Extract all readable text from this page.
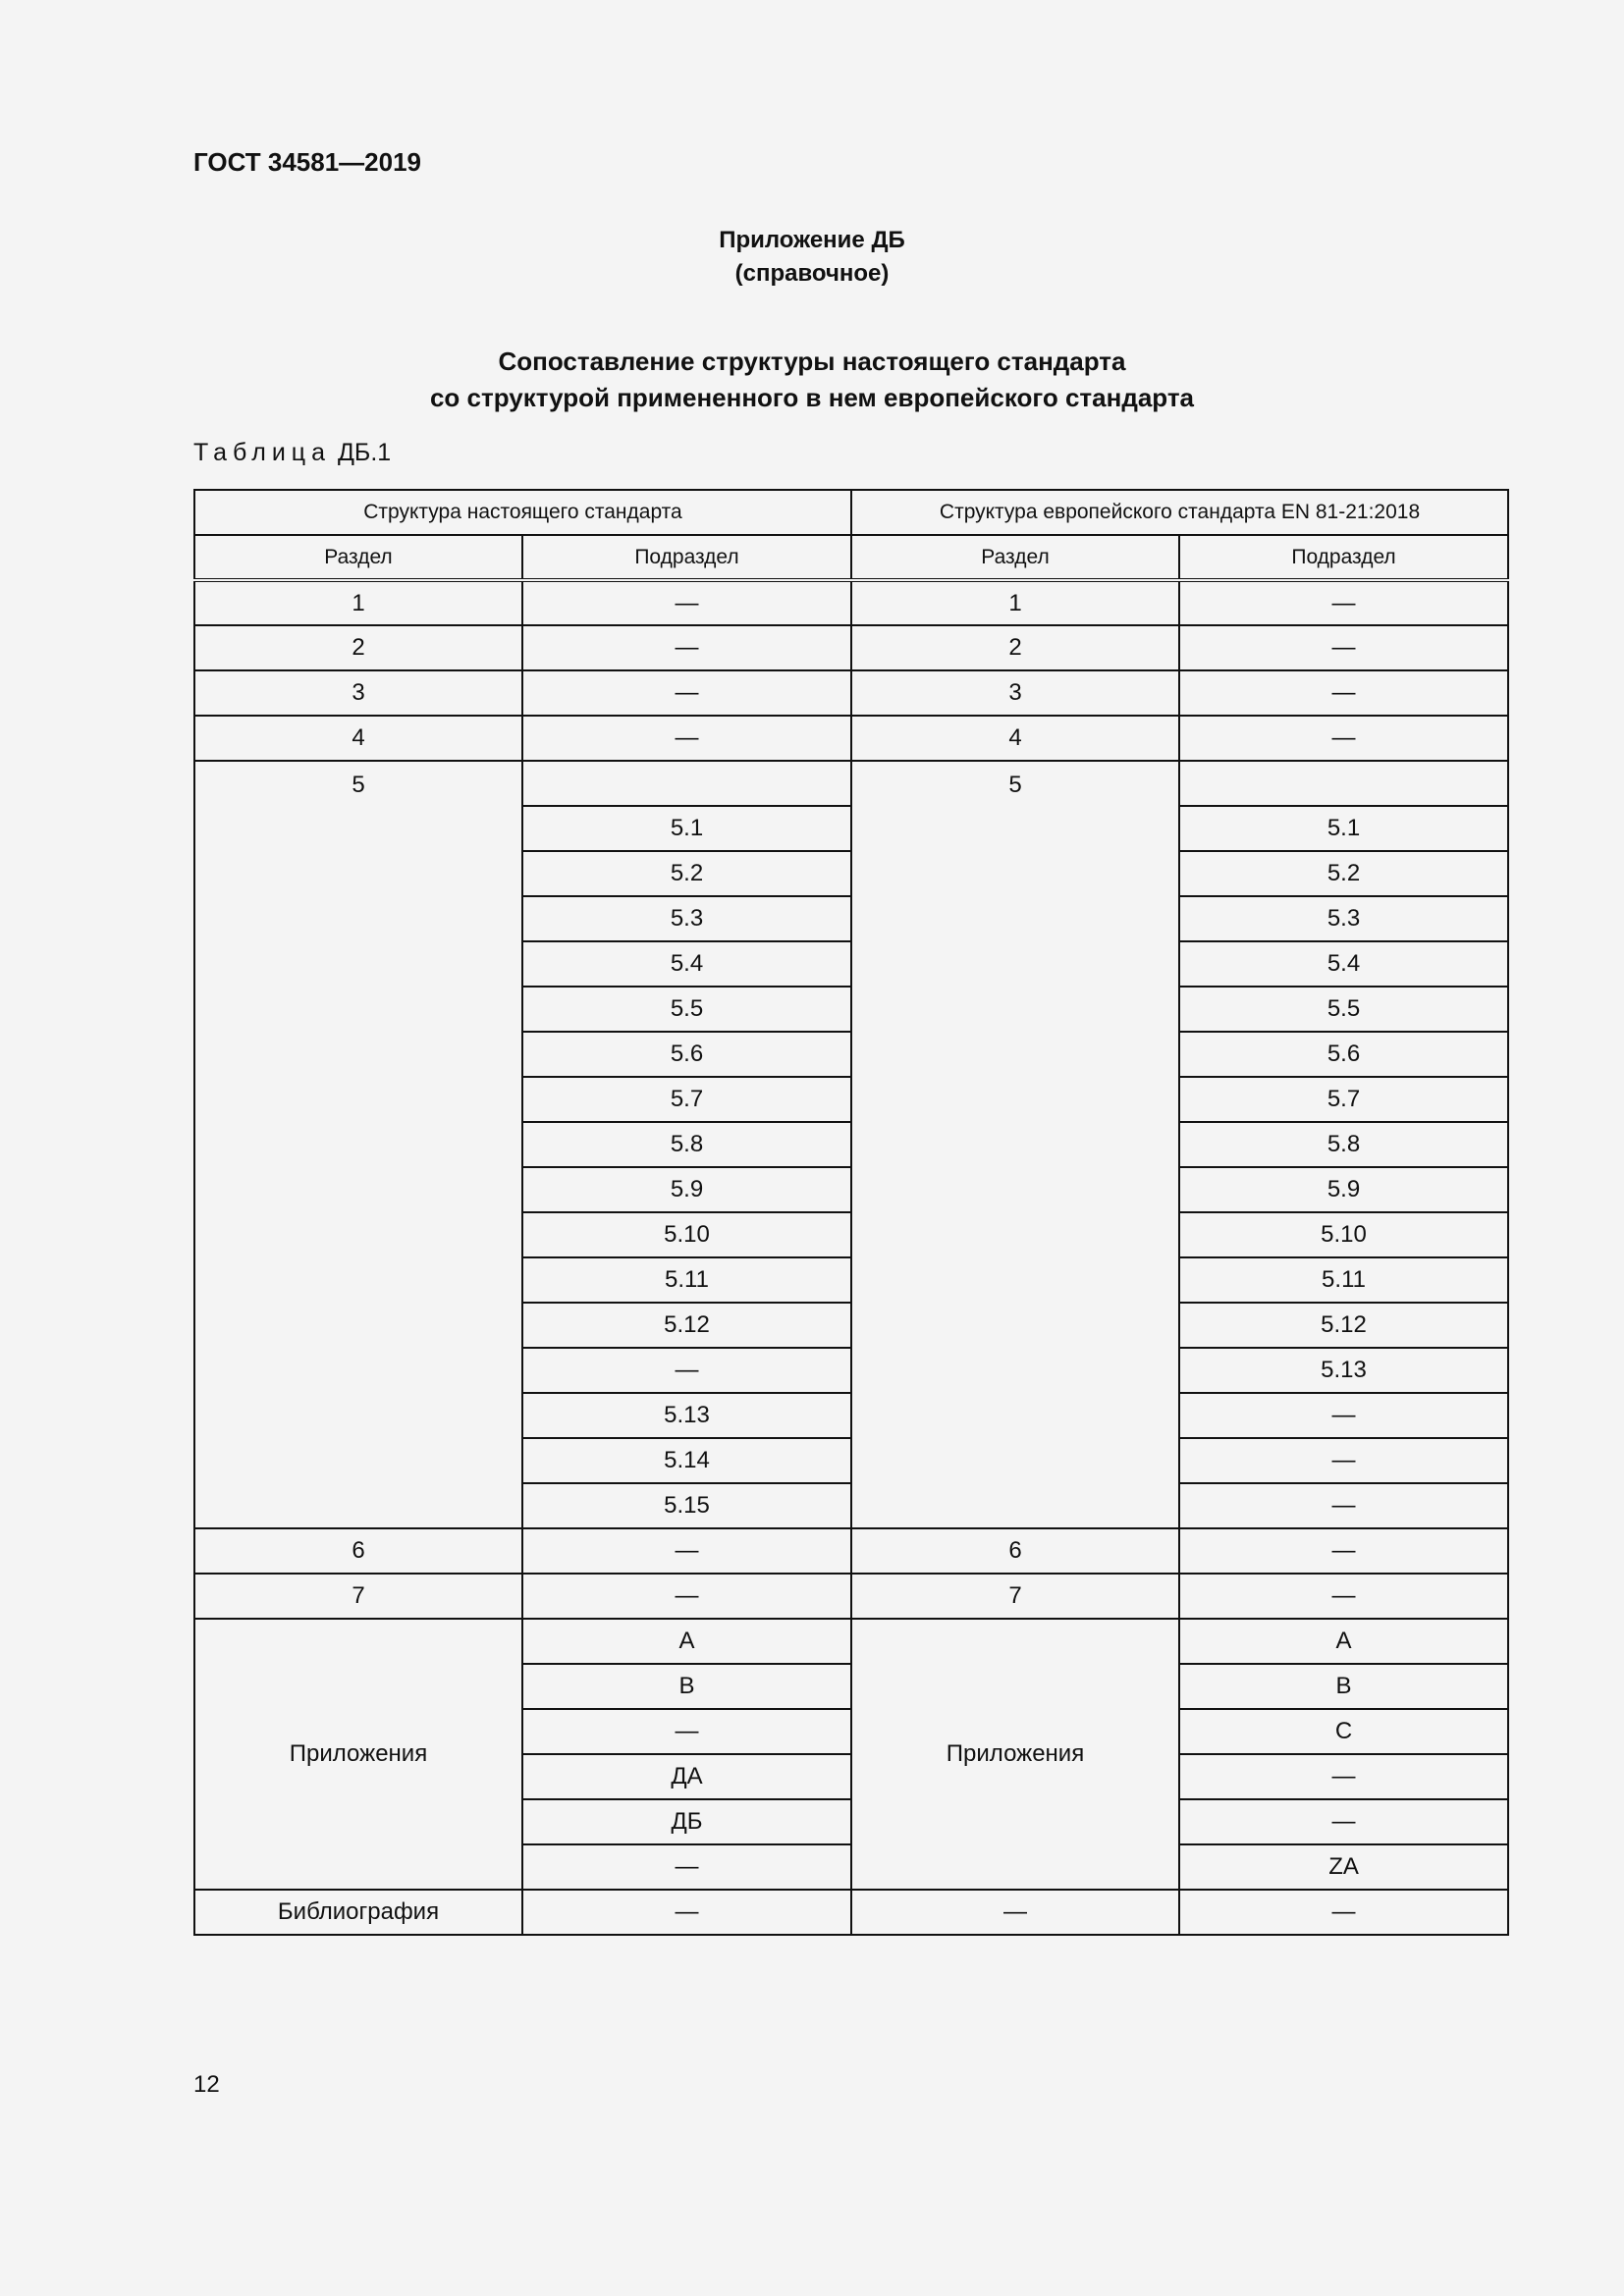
ГОСТ 34581—2019
Приложение ДБ
(справочное)
Сопоставление структуры настоящего стандарта
со структурой примененного в нем европейского стандарта
Таблица ДБ.1
Структура настоящего стандарта		Структура европейского стандарта EN 81-21:2018	
Раздел	Подраздел	Раздел	Подраздел
1	—	1	—
2	—	2	—
3	—	3	—
4	—	4	—
5		5	
	5.1		5.1
	5.2		5.2
	5.3		5.3
	5.4		5.4
	5.5		5.5
	5.6		5.6
	5.7		5.7
	5.8		5.8
	5.9		5.9
	5.10		5.10
	5.11		5.11
	5.12		5.12
	—		5.13
	5.13		—
	5.14		—
	5.15		—
6	—	6	—
7	—	7	—
Приложения	A	Приложения	A
	B		B
	—		C
	ДА		—
	ДБ		—
	—		ZA
Библиография	—	—	—
12
